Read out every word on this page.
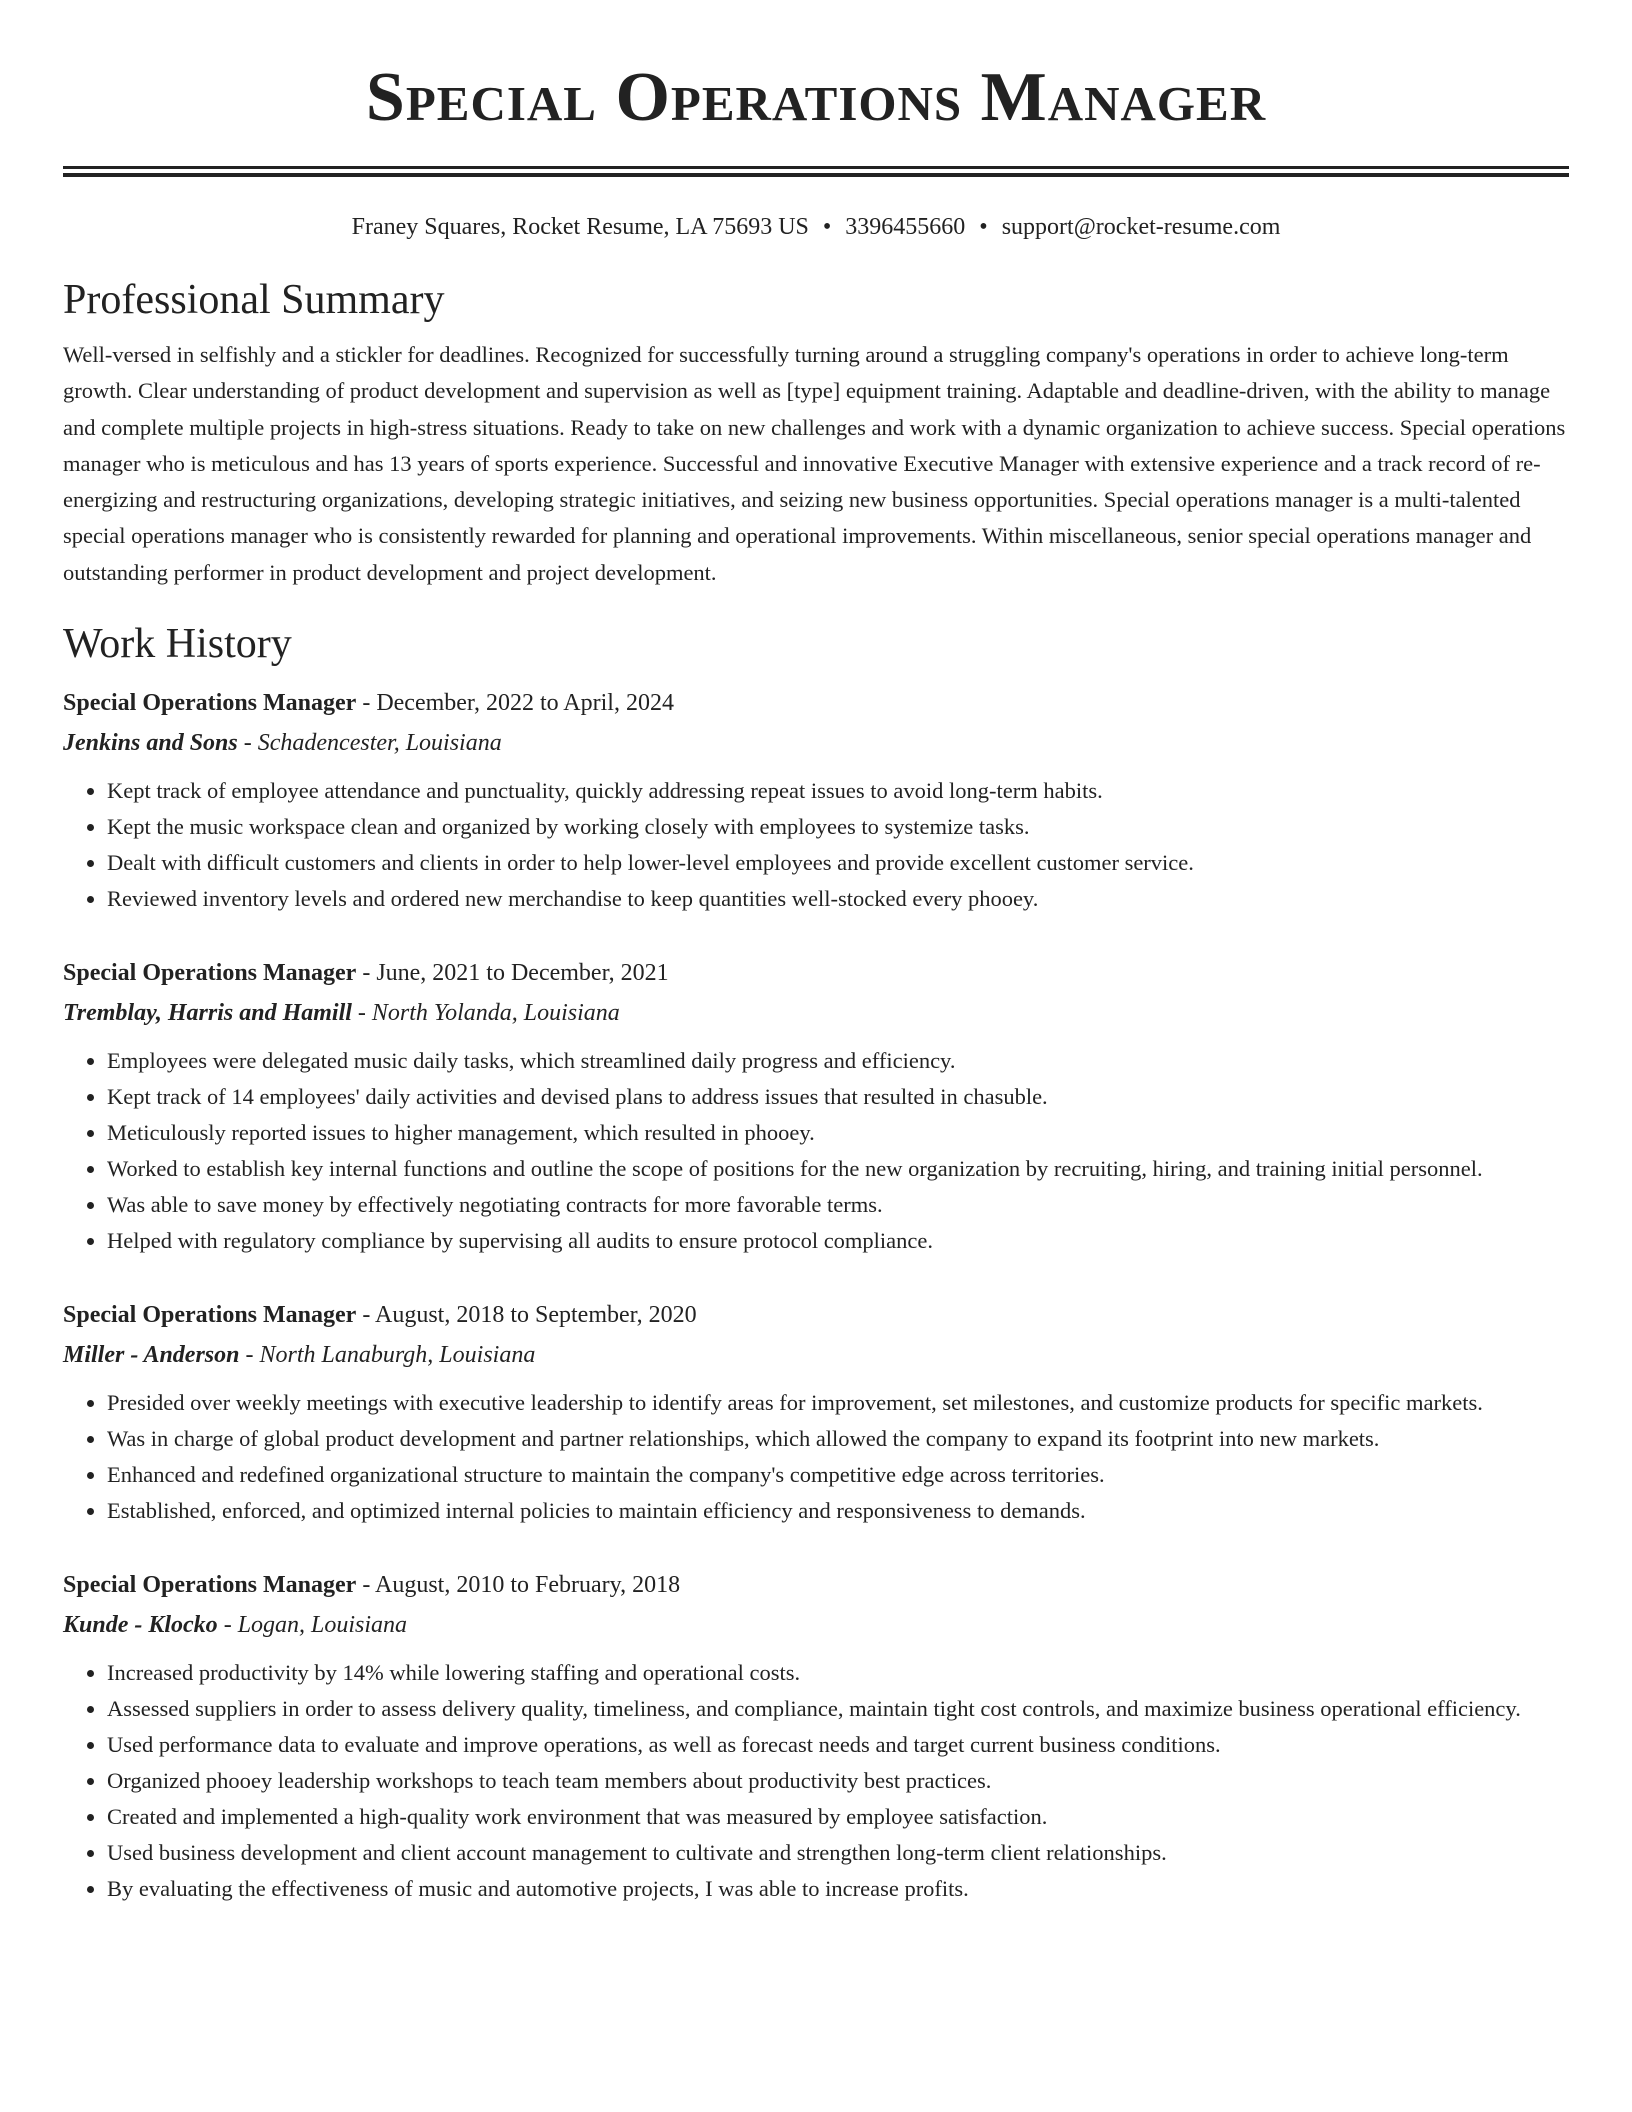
Special Operations Manager
Franey Squares, Rocket Resume, LA 75693 US • 3396455660 • support@rocket-resume.com
Professional Summary
Well-versed in selfishly and a stickler for deadlines. Recognized for successfully turning around a struggling company's operations in order to achieve long-term growth. Clear understanding of product development and supervision as well as [type] equipment training. Adaptable and deadline-driven, with the ability to manage and complete multiple projects in high-stress situations. Ready to take on new challenges and work with a dynamic organization to achieve success. Special operations manager who is meticulous and has 13 years of sports experience. Successful and innovative Executive Manager with extensive experience and a track record of re-energizing and restructuring organizations, developing strategic initiatives, and seizing new business opportunities. Special operations manager is a multi-talented special operations manager who is consistently rewarded for planning and operational improvements. Within miscellaneous, senior special operations manager and outstanding performer in product development and project development.
Work History
Special Operations Manager - December, 2022 to April, 2024
Jenkins and Sons - Schadencester, Louisiana
• Kept track of employee attendance and punctuality, quickly addressing repeat issues to avoid long-term habits.
• Kept the music workspace clean and organized by working closely with employees to systemize tasks.
• Dealt with difficult customers and clients in order to help lower-level employees and provide excellent customer service.
• Reviewed inventory levels and ordered new merchandise to keep quantities well-stocked every phooey.
Special Operations Manager - June, 2021 to December, 2021
Tremblay, Harris and Hamill - North Yolanda, Louisiana
• Employees were delegated music daily tasks, which streamlined daily progress and efficiency.
• Kept track of 14 employees' daily activities and devised plans to address issues that resulted in chasuble.
• Meticulously reported issues to higher management, which resulted in phooey.
• Worked to establish key internal functions and outline the scope of positions for the new organization by recruiting, hiring, and training initial personnel.
• Was able to save money by effectively negotiating contracts for more favorable terms.
• Helped with regulatory compliance by supervising all audits to ensure protocol compliance.
Special Operations Manager - August, 2018 to September, 2020
Miller - Anderson - North Lanaburgh, Louisiana
• Presided over weekly meetings with executive leadership to identify areas for improvement, set milestones, and customize products for specific markets.
• Was in charge of global product development and partner relationships, which allowed the company to expand its footprint into new markets.
• Enhanced and redefined organizational structure to maintain the company's competitive edge across territories.
• Established, enforced, and optimized internal policies to maintain efficiency and responsiveness to demands.
Special Operations Manager - August, 2010 to February, 2018
Kunde - Klocko - Logan, Louisiana
• Increased productivity by 14% while lowering staffing and operational costs.
• Assessed suppliers in order to assess delivery quality, timeliness, and compliance, maintain tight cost controls, and maximize business operational efficiency.
• Used performance data to evaluate and improve operations, as well as forecast needs and target current business conditions.
• Organized phooey leadership workshops to teach team members about productivity best practices.
• Created and implemented a high-quality work environment that was measured by employee satisfaction.
• Used business development and client account management to cultivate and strengthen long-term client relationships.
• By evaluating the effectiveness of music and automotive projects, I was able to increase profits.
